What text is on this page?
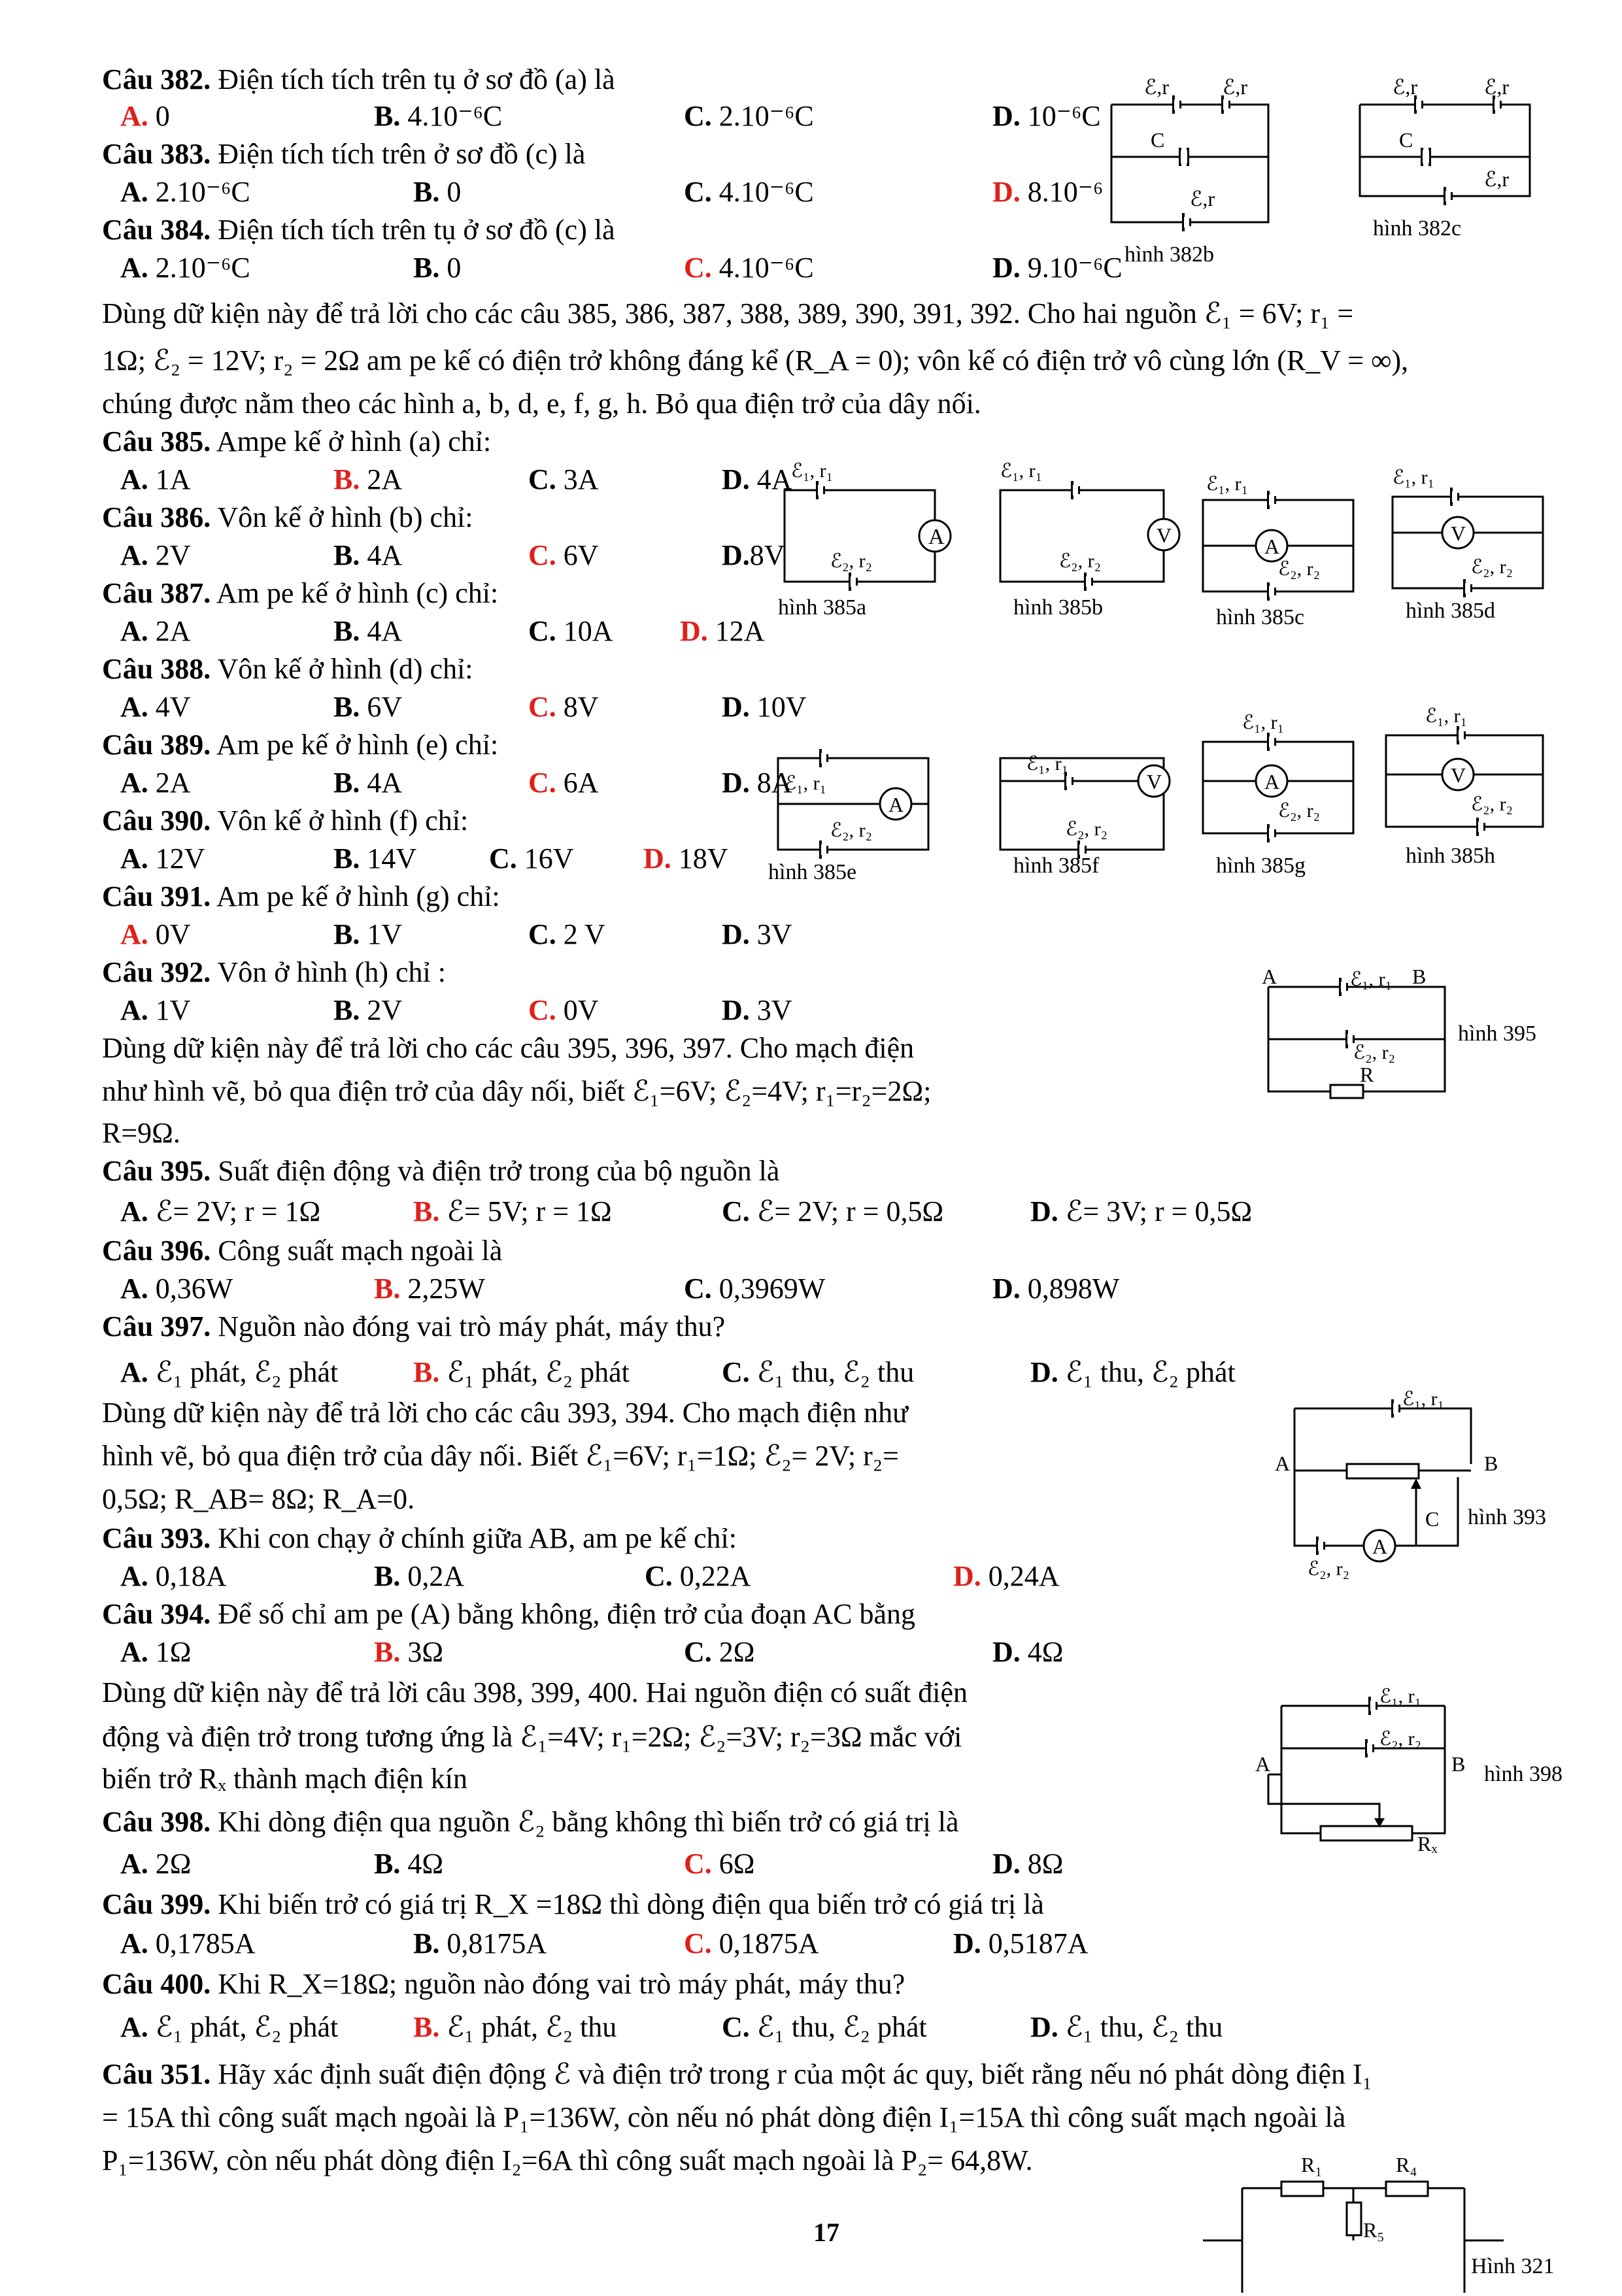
Câu 382. Điện tích tích trên tụ ở sơ đồ (a) là
A. 0	B. 4.10⁻⁶C	C. 2.10⁻⁶C	D. 10⁻⁶C
Câu 383. Điện tích tích trên ở sơ đồ (c) là
A. 2.10⁻⁶C	B. 0	C. 4.10⁻⁶C	D. 8.10⁻⁶
Câu 384. Điện tích tích trên tụ ở sơ đồ (c) là
A. 2.10⁻⁶C	B. 0	C. 4.10⁻⁶C	D. 9.10⁻⁶C
ℰ,r	ℰ,r
C
ℰ,r
hình 382b
ℰ,r	ℰ,r
C
ℰ,r
hình 382c
Dùng dữ kiện này để trả lời cho các câu 385, 386, 387, 388, 389, 390, 391, 392. Cho hai nguồn ℰ₁ = 6V; r₁ =
1Ω; ℰ₂ = 12V; r₂ = 2Ω am pe kế có điện trở không đáng kể (R_A = 0); vôn kế có điện trở vô cùng lớn (R_V = ∞),
chúng được nằm theo các hình a, b, d, e, f, g, h. Bỏ qua điện trở của dây nối.
Câu 385. Ampe kế ở hình (a) chỉ:
A. 1A	B. 2A	C. 3A	D. 4A
Câu 386. Vôn kế ở hình (b) chỉ:
A. 2V	B. 4A	C. 6V	D.8V
Câu 387. Am pe kế ở hình (c) chỉ:
A. 2A	B. 4A	C. 10A D. 12A
Câu 388. Vôn kế ở hình (d) chỉ:
A. 4V	B. 6V	C. 8V	D. 10V
A
ℰ₁, r₁
ℰ₂, r₂
hình 385a
V
ℰ₁, r₁
ℰ₂, r₂
hình 385b
A
ℰ₁, r₁
ℰ₂, r₂
hình 385c
V
ℰ₁, r₁
ℰ₂, r₂
hình 385d
Câu 389. Am pe kế ở hình (e) chỉ:
A. 2A	B. 4A	C. 6A	D. 8A
Câu 390. Vôn kế ở hình (f) chỉ:
A. 12V	B. 14V	C. 16V D. 18V
Câu 391. Am pe kế ở hình (g) chỉ:
A. 0V	B. 1V	C. 2 V	D. 3V
Câu 392. Vôn ở hình (h) chỉ :
A. 1V	B. 2V	C. 0V	D. 3V
A
ℰ₁, r₁
ℰ₂, r₂
hình 385e
V
ℰ₁, r₁
ℰ₂, r₂
hình 385f
A
ℰ₁, r₁
ℰ₂, r₂
hình 385g
V
ℰ₁, r₁
ℰ₂, r₂
hình 385h
Dùng dữ kiện này để trả lời cho các câu 395, 396, 397. Cho mạch điện
như hình vẽ, bỏ qua điện trở của dây nối, biết ℰ₁=6V; ℰ₂=4V; r₁=r₂=2Ω;
R=9Ω.
A	B
ℰ₁, r₁
ℰ₂, r₂
R
hình 395
Câu 395. Suất điện động và điện trở trong của bộ nguồn là
A. ℰ= 2V; r = 1Ω	B. ℰ= 5V; r = 1Ω	C. ℰ= 2V; r = 0,5Ω	D. ℰ= 3V; r = 0,5Ω
Câu 396. Công suất mạch ngoài là
A. 0,36W	B. 2,25W	C. 0,3969W	D. 0,898W
Câu 397. Nguồn nào đóng vai trò máy phát, máy thu?
A. ℰ₁ phát, ℰ₂ phát	B. ℰ₁ phát, ℰ₂ phát	C. ℰ₁ thu, ℰ₂ thu	D. ℰ₁ thu, ℰ₂ phát
Dùng dữ kiện này để trả lời cho các câu 393, 394. Cho mạch điện như
hình vẽ, bỏ qua điện trở của dây nối. Biết ℰ₁=6V; r₁=1Ω; ℰ₂= 2V; r₂=
0,5Ω; R_AB= 8Ω; R_A=0.
A
ℰ₁, r₁
A	B
C
ℰ₂, r₂
hình 393
Câu 393. Khi con chạy ở chính giữa AB, am pe kế chỉ:
A. 0,18A	B. 0,2A	C. 0,22A	D. 0,24A
Câu 394. Để số chỉ am pe (A) bằng không, điện trở của đoạn AC bằng
A. 1Ω	B. 3Ω	C. 2Ω	D. 4Ω
Dùng dữ kiện này để trả lời câu 398, 399, 400. Hai nguồn điện có suất điện
động và điện trở trong tương ứng là ℰ₁=4V; r₁=2Ω; ℰ₂=3V; r₂=3Ω mắc với
biến trở Rₓ thành mạch điện kín
ℰ₁, r₁
ℰ₂, r₂
A	B
Rₓ
hình 398
Câu 398. Khi dòng điện qua nguồn ℰ₂ bằng không thì biến trở có giá trị là
A. 2Ω	B. 4Ω	C. 6Ω	D. 8Ω
Câu 399. Khi biến trở có giá trị R_X =18Ω thì dòng điện qua biến trở có giá trị là
A. 0,1785A	B. 0,8175A	C. 0,1875A	D. 0,5187A
Câu 400. Khi R_X=18Ω; nguồn nào đóng vai trò máy phát, máy thu?
A. ℰ₁ phát, ℰ₂ phát	B. ℰ₁ phát, ℰ₂ thu	C. ℰ₁ thu, ℰ₂ phát	D. ℰ₁ thu, ℰ₂ thu
Câu 351. Hãy xác định suất điện động ℰ và điện trở trong r của một ác quy, biết rằng nếu nó phát dòng điện I₁
= 15A thì công suất mạch ngoài là P₁=136W, còn nếu nó phát dòng điện I₁=15A thì công suất mạch ngoài là
P₁=136W, còn nếu phát dòng điện I₂=6A thì công suất mạch ngoài là P₂= 64,8W.	R₁	R₄
R₅
Hình 321
17
